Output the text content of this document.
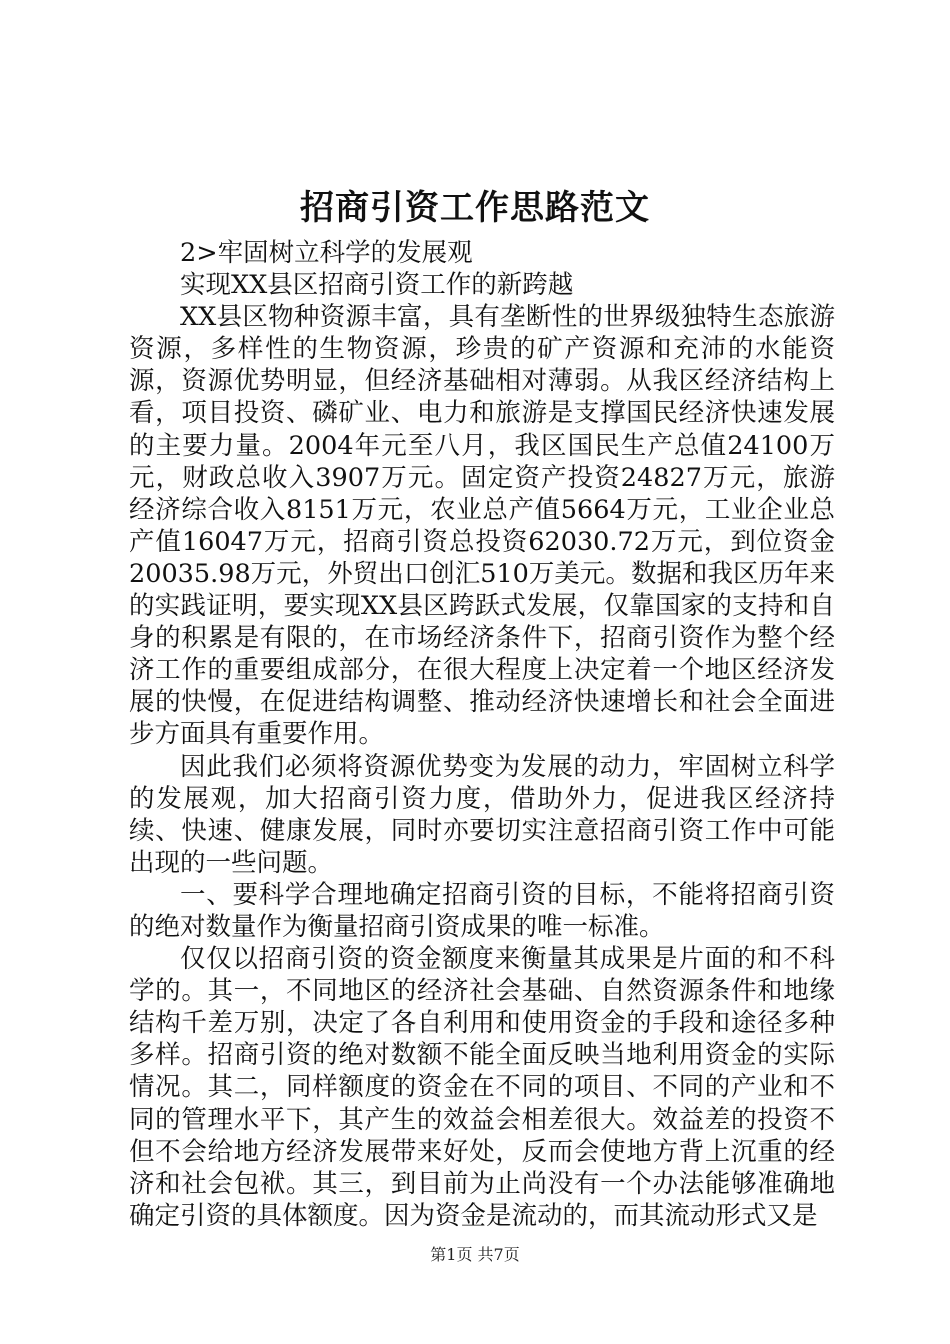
招商引资工作思路范文

2>牢固树立科学的发展观

实现XX县区招商引资工作的新跨越

XX县区物种资源丰富，具有垄断性的世界级独特生态旅游资源，多样性的生物资源，珍贵的矿产资源和充沛的水能资源，资源优势明显，但经济基础相对薄弱。从我区经济结构上看，项目投资、磷矿业、电力和旅游是支撑国民经济快速发展的主要力量。2004年元至八月，我区国民生产总值24100万元，财政总收入3907万元。固定资产投资24827万元，旅游经济综合收入8151万元，农业总产值5664万元，工业企业总产值16047万元，招商引资总投资62030.72万元，到位资金20035.98万元，外贸出口创汇510万美元。数据和我区历年来的实践证明，要实现XX县区跨跃式发展，仅靠国家的支持和自身的积累是有限的，在市场经济条件下，招商引资作为整个经济工作的重要组成部分，在很大程度上决定着一个地区经济发展的快慢，在促进结构调整、推动经济快速增长和社会全面进步方面具有重要作用。

因此我们必须将资源优势变为发展的动力，牢固树立科学的发展观，加大招商引资力度，借助外力，促进我区经济持续、快速、健康发展，同时亦要切实注意招商引资工作中可能出现的一些问题。

一、要科学合理地确定招商引资的目标，不能将招商引资的绝对数量作为衡量招商引资成果的唯一标准。

仅仅以招商引资的资金额度来衡量其成果是片面的和不科学的。其一，不同地区的经济社会基础、自然资源条件和地缘结构千差万别，决定了各自利用和使用资金的手段和途径多种多样。招商引资的绝对数额不能全面反映当地利用资金的实际情况。其二，同样额度的资金在不同的项目、不同的产业和不同的管理水平下，其产生的效益会相差很大。效益差的投资不但不会给地方经济发展带来好处，反而会使地方背上沉重的经济和社会包袱。其三，到目前为止尚没有一个办法能够准确地确定引资的具体额度。因为资金是流动的，而其流动形式又是

第1页 共7页
